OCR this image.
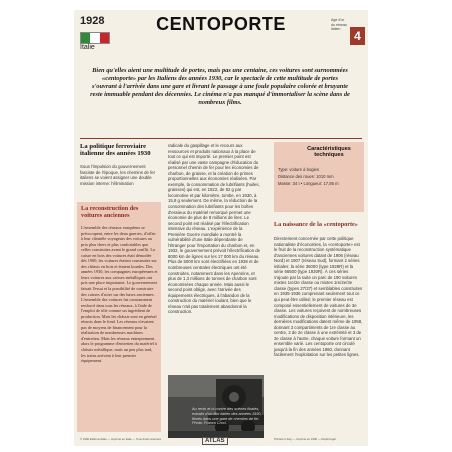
1928
Italie
CENTOPORTE	Age d'or
du réseau
italien	4
Bien qu'elles aient une multitude de portes, mais pas une centaine, ces voitures sont surnommées «centoporte» par les Italiens des années 1930, car le spectacle de cette multitude de portes s'ouvrant à l'arrivée dans une gare et livrant le passage à une foule populaire colorée et bruyante reste immuable pendant des décennies. Le cinéma n'a pas manqué d'immortaliser la scène dans de nombreux films.
La politique ferroviaire italienne des années 1930
Sous l'impulsion du gouvernement fasciste de l'époque, les chemins de fer italiens se voient assigner une double mission interne: l'élimination
La reconstruction des voitures anciennes
L'ensemble des réseaux européens se préoccupent, entre les deux guerres, d'offrir à leur clientèle voyageurs des voitures au prix plus chers et plus confortables que celles construites avant le grand conflit. La caisse en bois des voitures était démodée dès 1900, les voitures étaient construites sur des châssis en bois et étaient lourdes. Des années 1930, les compagnies européennes et leurs voitures aux caisses métalliques ont pris une place importante. Le gouvernement faisait l'essai et la possibilité de construire des caisses d'acier sur des bases anciennes. L'ensemble des voitures fut constamment renforcé dans tous les réseaux, à l'aide de l'emploi de tôle comme un ingrédient de production. Mais les châssis sont en général réussis dans le fond. Les réseaux n'avaient pas de moyens de financement pour la réalisation de nombreuses machines d'entretien. Mais les réseaux entreprennent alors le programme d'entretien du matériel à châssis métallique, mais un peu plus tard, les trains arrivent à leur premier équipement.
radicale du gaspillage et le recours aux ressources et produits nationaux à la place de tout ce qui est importé. Le premier point est réalisé par une vaste campagne d'éducation du personnel chemin de fer pour les économies de charbon, de graisse, et la création de primes proportionnelles aux économies réalisées. Par exemple, la consommation de lubrifiants (huiles, graisses) qui est, en 1922, de 82 g par locomotive et par kilomètre, tombe, en 1930, à 15,8 g seulement. De même, la réduction de la consommation des lubrifiants pour les boîtes d'essieux du matériel remorqué permet une économie de plus de 8 millions de lires. Le second point est réalisé par l'électrification intensive du réseau. L'expérience de la Première Guerre mondiale a montré la vulnérabilité d'une Italie dépendante de l'étranger pour l'importation du charbon et, en 1932, le gouvernement prévoit l'électrification de 8000 km de lignes sur les 17 000 km du réseau. Plus de 5000 km sont électrifiées en 1938 et de nombreuses centrales électriques ont été construites, notamment dans les Apennins, et plus de 1,3 millions de tonnes de charbon sont économisées chaque année. Mais aussi le second point oblige, avec l'arrivée des équipements électriques, à l'abandon de la construction du matériel roulant, bien que le réseau n'ait pas totalement abandonné la construction.
Au recto et ci-contre des scènes finales, extraits d'un film italien des années 1930, filmés dans une gare de chemins de fer. Photo: Franco Crovi.
Caractéristiques techniques
Type: voiture à bogies
Distance des roues: 1010 mm
Masse: 34 t • Longueur: 17,85 m
La naissance de la «centoporte»
Directement concernée par cette politique nationaliste d'économies, la «centoporte» est le fruit de la reconstruction systématique d'anciennes voitures datant de 1906 (réseau Nord) et 1907 (réseau Sud), formant 2 séries initiales: la série 36000 (type 1928R) et la série 66500 (type 1930R). À ces séries s'ajoute par la suite un parc de 190 voitures mixtes 1re/2e classe ou mixtes 1re/2e/3e classe (types 27/37) et semblables construites en 1935-1936 comprenant seulement tout ce qui peut être utilisé; le premier réseau est composé essentiellement de voitures de 3e classe. Les voitures reçoivent de nombreuses modifications de disposition intérieure, les dernières modifications datent même de 1958, donnant 3 compartiments de 1re classe au centre, 2 de 2e classe à une extrémité et 3 de 3e classe à l'autre, chaque voiture formant un ensemble varié. Les centoporte ont circulé jusqu'à la fin des années 1960, donnant facilement l'exploitation sur les petites lignes.
© 1996 Editions Atlas — Imprimé en Italie — Tous droits réservés	ATLAS	Printed in Italy — Imprimé en 1996 — Dépôt légal
